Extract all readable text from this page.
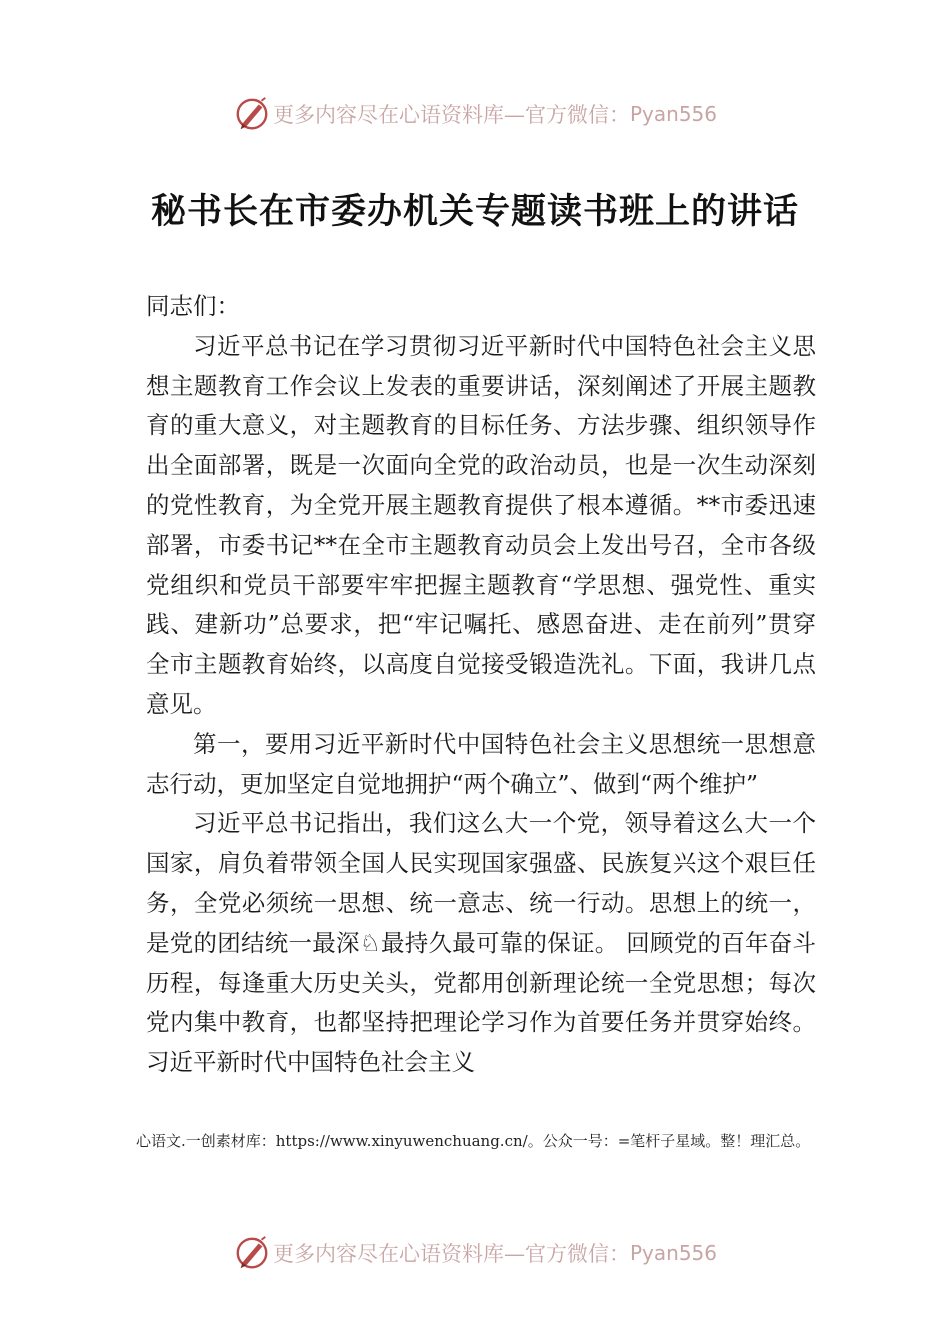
更多内容尽在心语资料库—官方微信： Pyan556
秘书长在市委办机关专题读书班上的讲话

同志们：

习近平总书记在学习贯彻习近平新时代中国特色社会主义思想主题教育工作会议上发表的重要讲话，深刻阐述了开展主题教育的重大意义，对主题教育的目标任务、方法步骤、组织领导作出全面部署，既是一次面向全党的政治动员，也是一次生动深刻的党性教育，为全党开展主题教育提供了根本遵循。**市委迅速部署，市委书记**在全市主题教育动员会上发出号召，全市各级党组织和党员干部要牢牢把握主题教育“学思想、强党性、重实践、建新功”总要求，把“牢记嘱托、感恩奋进、走在前列”贯穿全市主题教育始终，以高度自觉接受锻造洗礼。下面，我讲几点意见。

第一，要用习近平新时代中国特色社会主义思想统一思想意志行动，更加坚定自觉地拥护“两个确立”、做到“两个维护”

习近平总书记指出，我们这么大一个党，领导着这么大一个国家，肩负着带领全国人民实现国家强盛、民族复兴这个艰巨任务，全党必须统一思想、统一意志、统一行动。思想上的统一，是党的团结统一最深♘最持久最可靠的保证。 回顾党的百年奋斗历程，每逢重大历史关头，党都用创新理论统一全党思想；每次党内集中教育，也都坚持把理论学习作为首要任务并贯穿始终。习近平新时代中国特色社会主义

心语文.一创素材库：https://www.xinyuwenchuang.cn/。公众一号：=笔杆子星域。整！理汇总。
更多内容尽在心语资料库—官方微信： Pyan556
